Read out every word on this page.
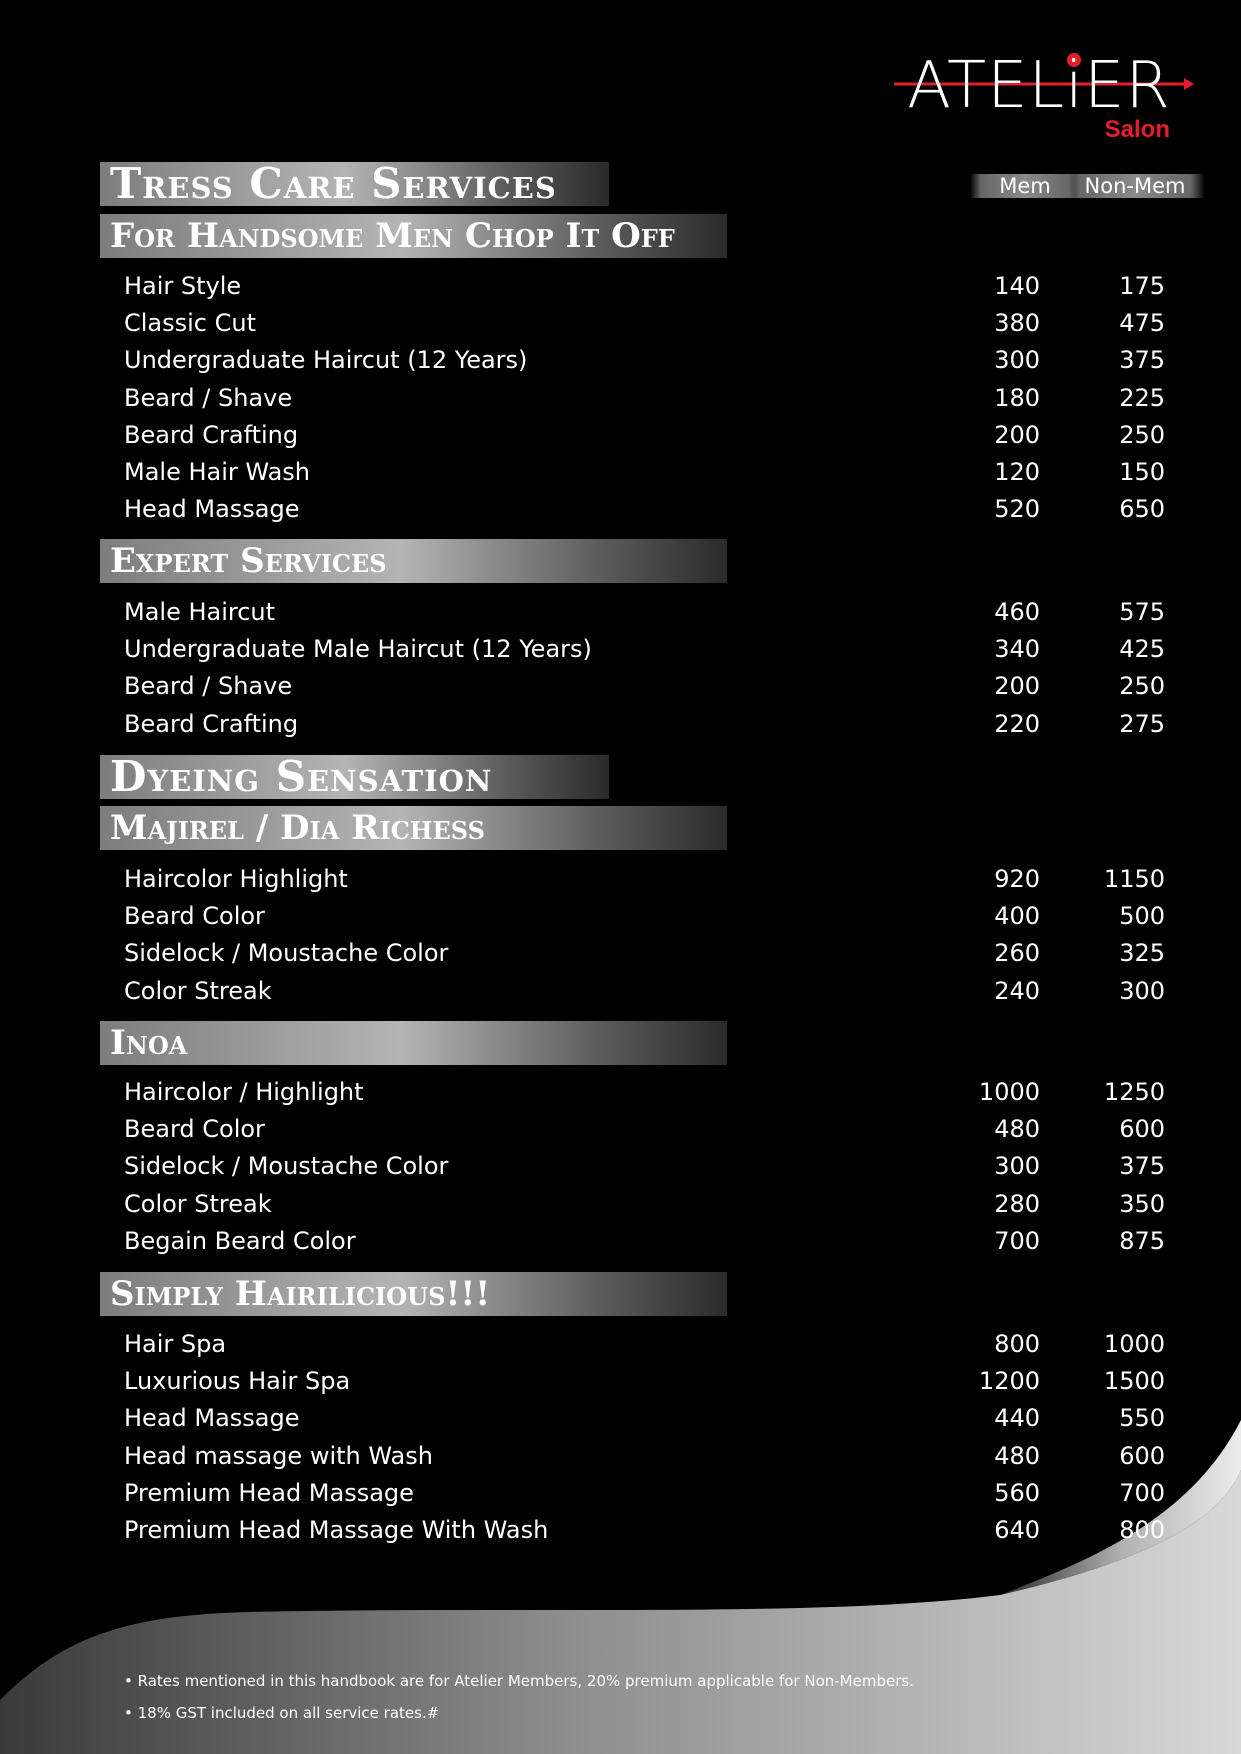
ATELiER
Salon
Mem	Non-Mem
Tress Care Services
For Handsome Men Chop It Off
Hair Style	140	175
Classic Cut	380	475
Undergraduate Haircut (12 Years)	300	375
Beard / Shave	180	225
Beard Crafting	200	250
Male Hair Wash	120	150
Head Massage	520	650
Expert Services
Male Haircut	460	575
Undergraduate Male Haircut (12 Years)	340	425
Beard / Shave	200	250
Beard Crafting	220	275
Dyeing Sensation
Majirel / Dia Richess
Haircolor Highlight	920	1150
Beard Color	400	500
Sidelock / Moustache Color	260	325
Color Streak	240	300
Inoa
Haircolor / Highlight	1000	1250
Beard Color	480	600
Sidelock / Moustache Color	300	375
Color Streak	280	350
Begain Beard Color	700	875
Simply Hairilicious!!!
Hair Spa	800	1000
Luxurious Hair Spa	1200	1500
Head Massage	440	550
Head massage with Wash	480	600
Premium Head Massage	560	700
Premium Head Massage With Wash	640	800
• Rates mentioned in this handbook are for Atelier Members, 20% premium applicable for Non-Members.
• 18% GST included on all service rates.#
